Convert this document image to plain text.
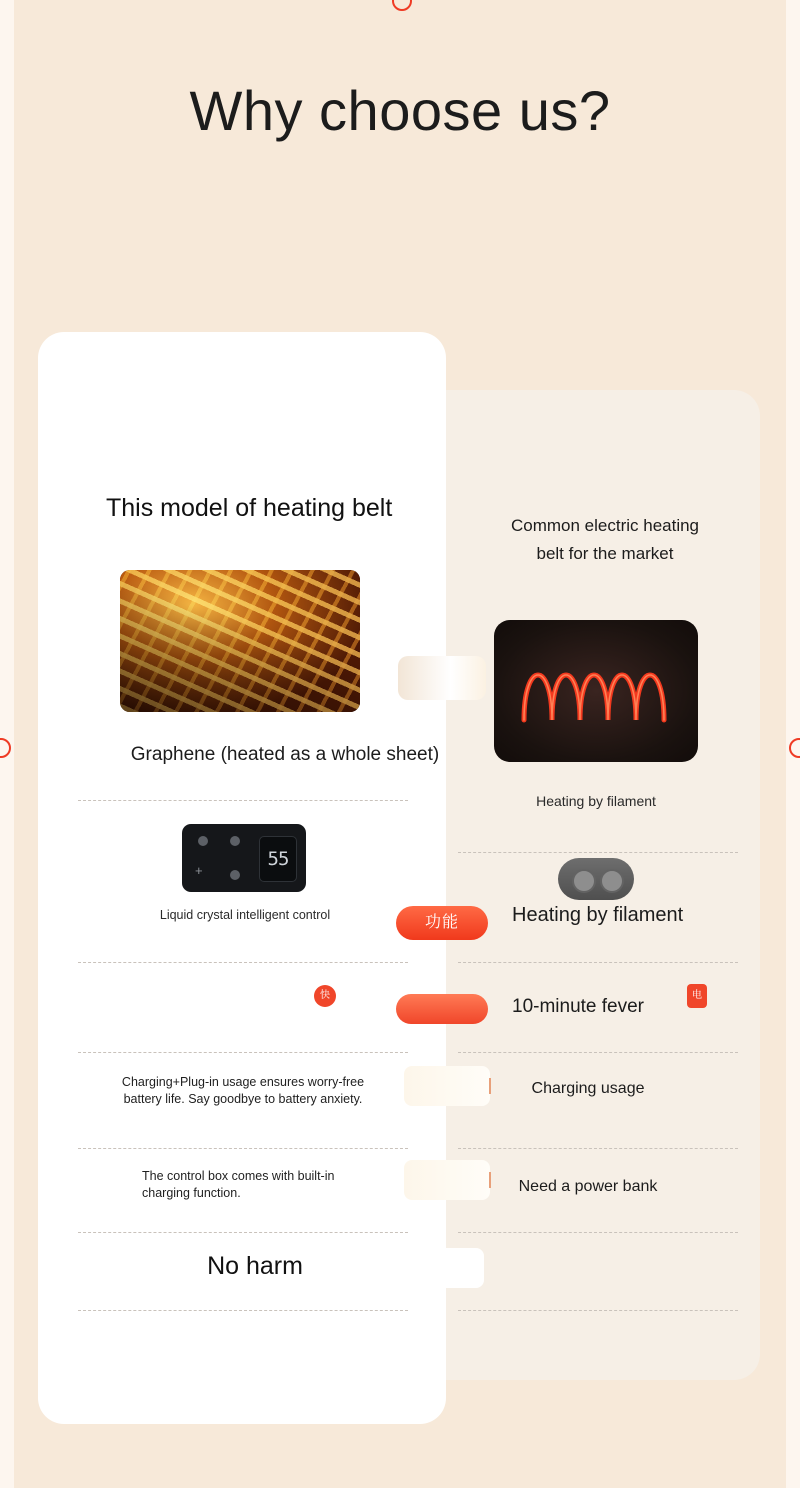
Why choose us?
This model of heating belt
Common electric heating belt for the market
Graphene (heated as a whole sheet)
Heating by filament
+
55
Liquid crystal intelligent control	Heating by filament
功能
快
10-minute fever
电
Charging+Plug-in usage ensures worry-free battery life. Say goodbye to battery anxiety.
Charging usage
The control box comes with built-in charging function.	Need a power bank
No harm
